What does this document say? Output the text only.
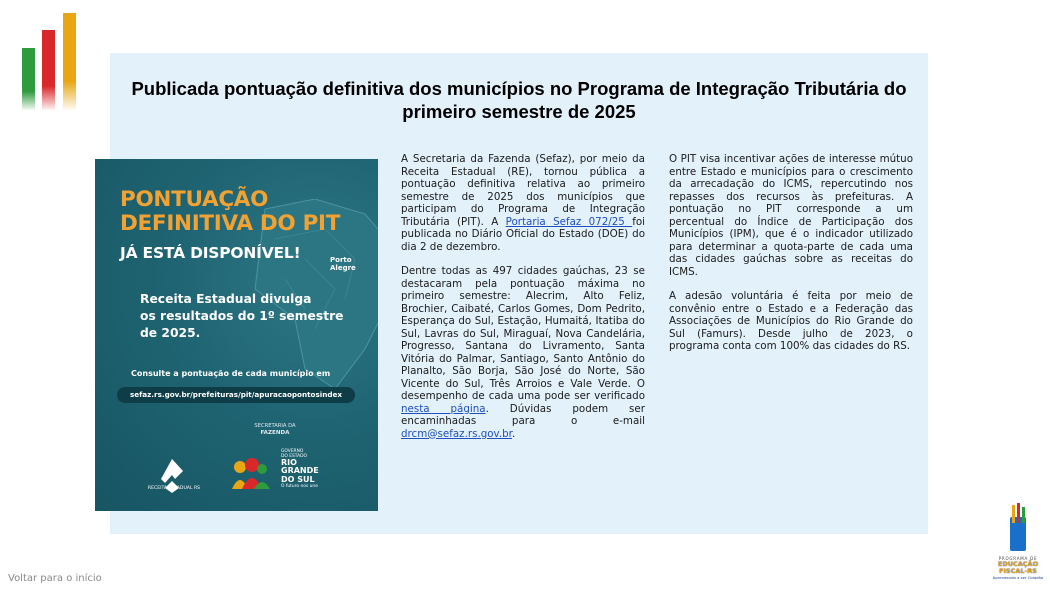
Publicada pontuação definitiva dos municípios no Programa de Integração Tributária do primeiro semestre de 2025
Porto
Alegre
PONTUAÇÃO
DEFINITIVA DO PIT
JÁ ESTÁ DISPONÍVEL!
Receita Estadual divulga
os resultados do 1º semestre
de 2025.
Consulte a pontuação de cada município em
sefaz.rs.gov.br/prefeituras/pit/apuracaopontosindex
SECRETARIA DA
FAZENDA
RECEITA ESTADUAL RS
GOVERNO
DO ESTADO
RIO
GRANDE
DO SUL
O futuro nos une

A Secretaria da Fazenda (Sefaz), por meio da Receita Estadual (RE), tornou pública a pontuação definitiva relativa ao primeiro semestre de 2025 dos municípios que participam do Programa de Integração Tributária (PIT). A Portaria Sefaz 072/25 foi publicada no Diário Oficial do Estado (DOE) do dia 2 de dezembro.

Dentre todas as 497 cidades gaúchas, 23 se destacaram pela pontuação máxima no primeiro semestre: Alecrim, Alto Feliz, Brochier, Caibaté, Carlos Gomes, Dom Pedrito, Esperança do Sul, Estação, Humaitá, Itatiba do Sul, Lavras do Sul, Miraguaí, Nova Candelária, Progresso, Santana do Livramento, Santa Vitória do Palmar, Santiago, Santo Antônio do Planalto, São Borja, São José do Norte, São Vicente do Sul, Três Arroios e Vale Verde. O desempenho de cada uma pode ser verificado nesta página. Dúvidas podem ser encaminhadas para o e-mail drcm@sefaz.rs.gov.br.

O PIT visa incentivar ações de interesse mútuo entre Estado e municípios para o crescimento da arrecadação do ICMS, repercutindo nos repasses dos recursos às prefeituras. A pontuação no PIT corresponde a um percentual do Índice de Participação dos Municípios (IPM), que é o indicador utilizado para determinar a quota-parte de cada uma das cidades gaúchas sobre as receitas do ICMS.

A adesão voluntária é feita por meio de convênio entre o Estado e a Federação das Associações de Municípios do Rio Grande do Sul (Famurs). Desde julho de 2023, o programa conta com 100% das cidades do RS.

Voltar para o início
PROGRAMA DE
EDUCAÇÃO
FISCAL-RS
Aprendendo a ser Cidadão
